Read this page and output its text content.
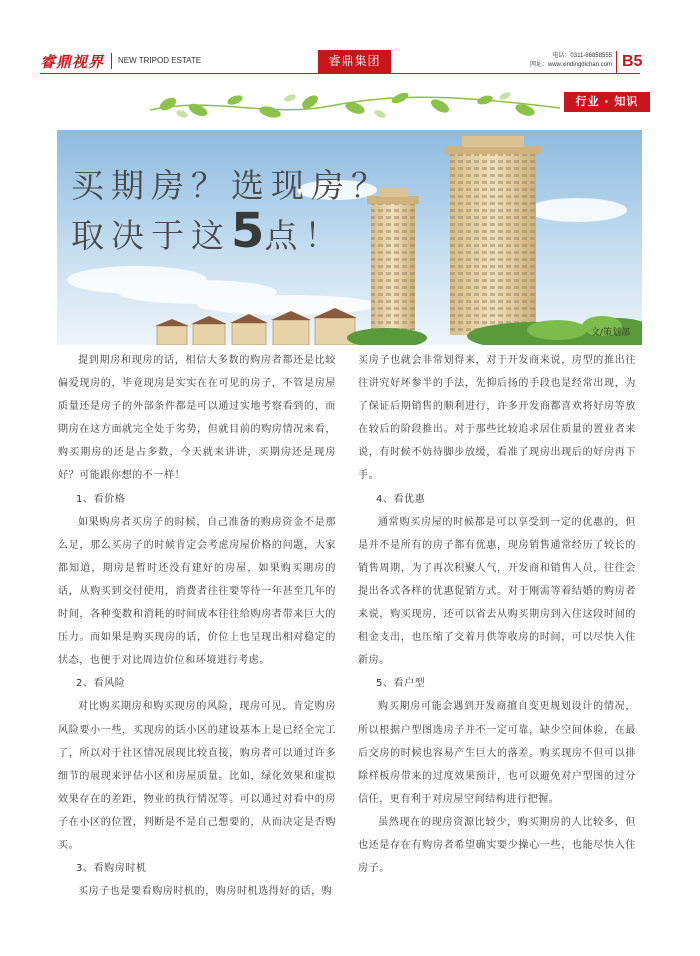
睿鼎视界 NEW TRIPOD ESTATE	睿鼎集团	电话：0311-86858555
网址：www.xindingdichan.com B5
行业 · 知识
买期房？选现房？
取决于这5点！
文/策划部

提到期房和现房的话，相信大多数的购房者都还是比较偏爱现房的，毕竟现房是实实在在可见的房子，不管是房屋质量还是房子的外部条件都是可以通过实地考察看到的，而期房在这方面就完全处于劣势，但就目前的购房情况来看，购买期房的还是占多数，今天就来讲讲，买期房还是现房好？可能跟你想的不一样！

1、看价格

如果购房者买房子的时候，自己准备的购房资金不是那么足，那么买房子的时候肯定会考虑房屋价格的问题，大家都知道，期房是暂时还没有建好的房屋，如果购买期房的话，从购买到交付使用，消费者往往要等待一年甚至几年的时间，各种变数和消耗的时间成本往往给购房者带来巨大的压力。而如果是购买现房的话，价位上也呈现出相对稳定的状态，也便于对比周边价位和环境进行考虑。

2、看风险

对比购买期房和购买现房的风险，现房可见，肯定购房风险要小一些，买现房的话小区的建设基本上是已经全完工了，所以对于社区情况展现比较直接，购房者可以通过许多细节的展现来评估小区和房屋质量。比如，绿化效果和虚拟效果存在的差距，物业的执行情况等。可以通过对看中的房子在小区的位置，判断是不是自己想要的，从而决定是否购买。

3、看购房时机

买房子也是要看购房时机的，购房时机选得好的话，购

买房子也就会非常划得来，对于开发商来说，房型的推出往往讲究好坏参半的手法，先抑后扬的手段也是经常出现，为了保证后期销售的顺利进行，许多开发商都喜欢将好房等放在较后的阶段推出。对于那些比较追求居住质量的置业者来说，有时候不妨待脚步放缓，看准了现房出现后的好房再下手。

4、看优惠

通常购买房屋的时候都是可以享受到一定的优惠的，但是并不是所有的房子都有优惠，现房销售通常经历了较长的销售周期，为了再次积聚人气，开发商和销售人员，往往会提出各式各样的优惠促销方式。对于刚需等着结婚的购房者来说，购买现房，还可以省去从购买期房到入住这段时间的租金支出，也压缩了交着月供等收房的时间，可以尽快入住新房。

5、看户型

购买期房可能会遇到开发商擅自变更规划设计的情况，所以根据户型图选房子并不一定可靠，缺少空间体验，在最后交房的时候也容易产生巨大的落差。购买现房不但可以排除样板房带来的过度效果预计，也可以避免对户型图的过分信任，更有利于对房屋空间结构进行把握。

虽然现在的现房资源比较少，购买期房的人比较多，但也还是存在有购房者希望确实要少操心一些，也能尽快入住房子。
